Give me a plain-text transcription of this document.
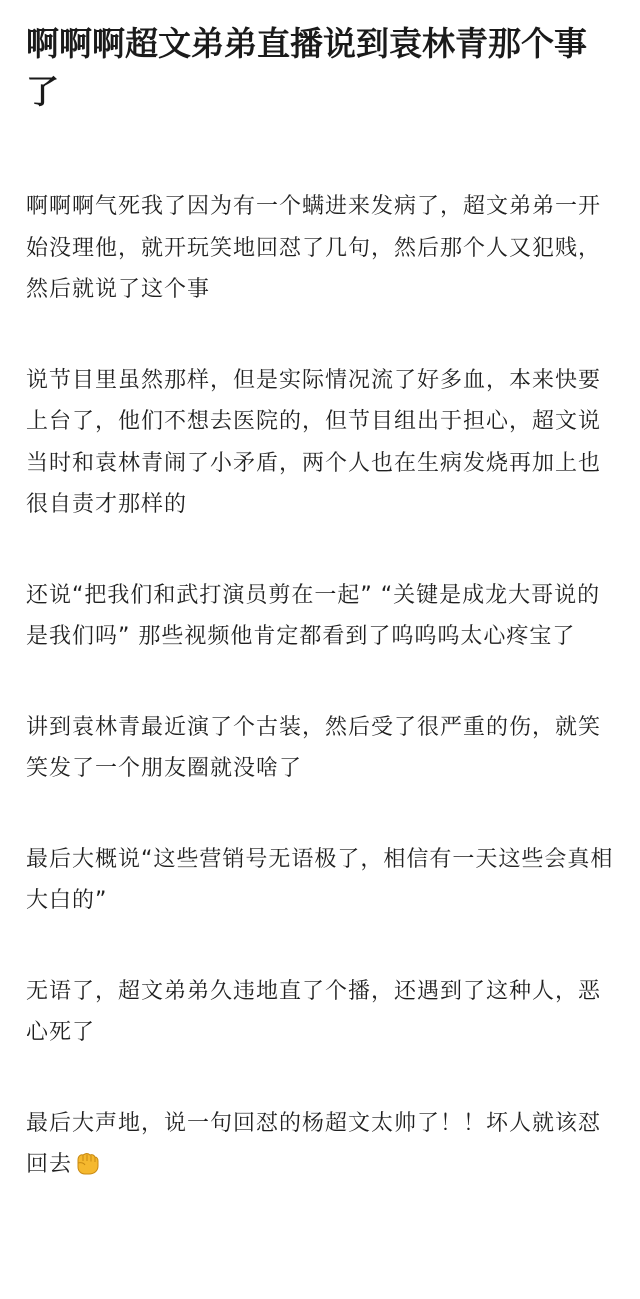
啊啊啊超文弟弟直播说到袁林青那个事了

啊啊啊气死我了因为有一个螨进来发病了，超文弟弟一开始没理他，就开玩笑地回怼了几句，然后那个人又犯贱，然后就说了这个事

说节目里虽然那样，但是实际情况流了好多血，本来快要上台了，他们不想去医院的，但节目组出于担心，超文说当时和袁林青闹了小矛盾，两个人也在生病发烧再加上也很自责才那样的

还说“把我们和武打演员剪在一起” “关键是成龙大哥说的是我们吗” 那些视频他肯定都看到了呜呜呜太心疼宝了

讲到袁林青最近演了个古装，然后受了很严重的伤，就笑笑发了一个朋友圈就没啥了

最后大概说“这些营销号无语极了，相信有一天这些会真相大白的”

无语了，超文弟弟久违地直了个播，还遇到了这种人，恶心死了

最后大声地，说一句回怼的杨超文太帅了！！坏人就该怼回去
